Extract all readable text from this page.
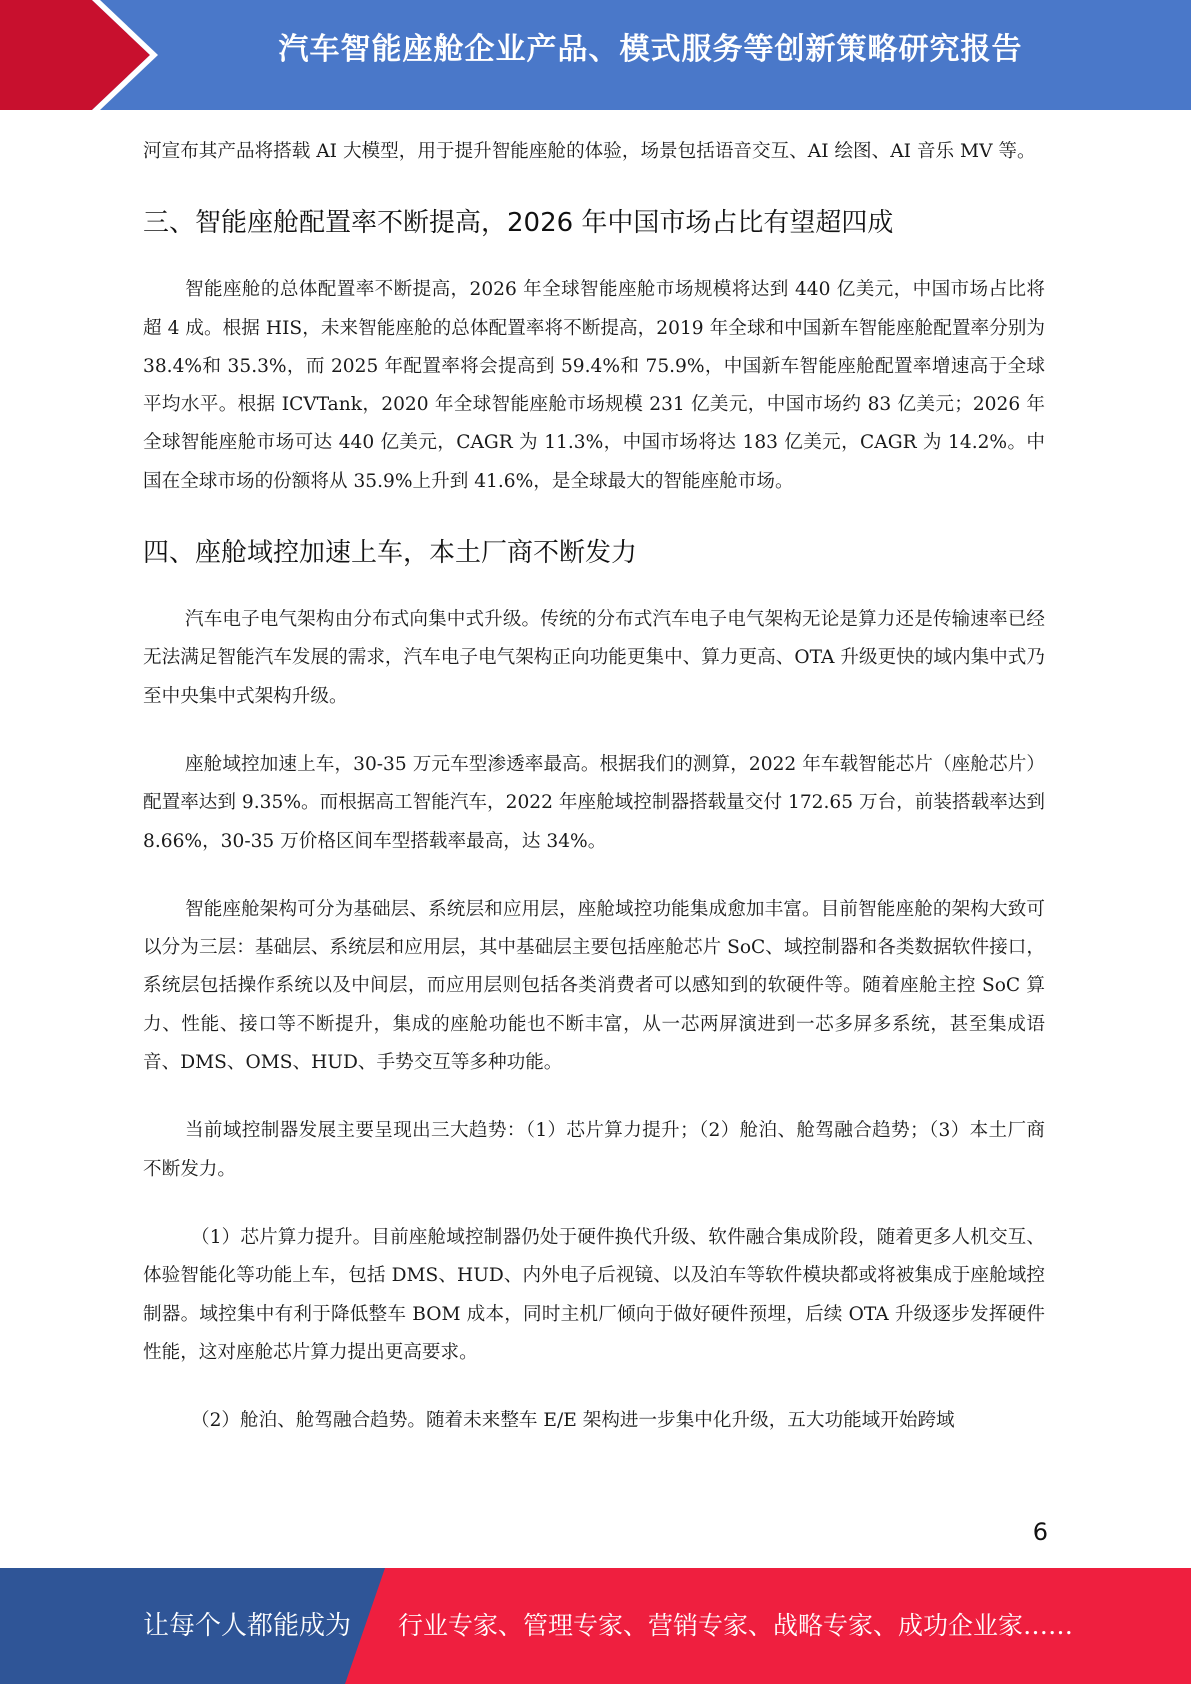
汽车智能座舱企业产品、模式服务等创新策略研究报告

河宣布其产品将搭载 AI 大模型，用于提升智能座舱的体验，场景包括语音交互、AI 绘图、AI 音乐 MV 等。

三、智能座舱配置率不断提高，2026 年中国市场占比有望超四成

智能座舱的总体配置率不断提高，2026 年全球智能座舱市场规模将达到 440 亿美元，中国市场占比将超 4 成。根据 HIS，未来智能座舱的总体配置率将不断提高，2019 年全球和中国新车智能座舱配置率分别为 38.4%和 35.3%，而 2025 年配置率将会提高到 59.4%和 75.9%，中国新车智能座舱配置率增速高于全球平均水平。根据 ICVTank，2020 年全球智能座舱市场规模 231 亿美元，中国市场约 83 亿美元；2026 年全球智能座舱市场可达 440 亿美元，CAGR 为 11.3%，中国市场将达 183 亿美元，CAGR 为 14.2%。中国在全球市场的份额将从 35.9%上升到 41.6%，是全球最大的智能座舱市场。

四、座舱域控加速上车，本土厂商不断发力

汽车电子电气架构由分布式向集中式升级。传统的分布式汽车电子电气架构无论是算力还是传输速率已经无法满足智能汽车发展的需求，汽车电子电气架构正向功能更集中、算力更高、OTA 升级更快的域内集中式乃至中央集中式架构升级。

座舱域控加速上车，30-35 万元车型渗透率最高。根据我们的测算，2022 年车载智能芯片（座舱芯片）配置率达到 9.35%。而根据高工智能汽车，2022 年座舱域控制器搭载量交付 172.65 万台，前装搭载率达到 8.66%，30-35 万价格区间车型搭载率最高，达 34%。

智能座舱架构可分为基础层、系统层和应用层，座舱域控功能集成愈加丰富。目前智能座舱的架构大致可以分为三层：基础层、系统层和应用层，其中基础层主要包括座舱芯片 SoC、域控制器和各类数据软件接口，系统层包括操作系统以及中间层，而应用层则包括各类消费者可以感知到的软硬件等。随着座舱主控 SoC 算力、性能、接口等不断提升，集成的座舱功能也不断丰富，从一芯两屏演进到一芯多屏多系统，甚至集成语音、DMS、OMS、HUD、手势交互等多种功能。

当前域控制器发展主要呈现出三大趋势：（1）芯片算力提升；（2）舱泊、舱驾融合趋势；（3）本土厂商不断发力。

（1）芯片算力提升。目前座舱域控制器仍处于硬件换代升级、软件融合集成阶段，随着更多人机交互、体验智能化等功能上车，包括 DMS、HUD、内外电子后视镜、以及泊车等软件模块都或将被集成于座舱域控制器。域控集中有利于降低整车 BOM 成本，同时主机厂倾向于做好硬件预埋，后续 OTA 升级逐步发挥硬件性能，这对座舱芯片算力提出更高要求。

（2）舱泊、舱驾融合趋势。随着未来整车 E/E 架构进一步集中化升级，五大功能域开始跨域

6
让每个人都能成为 行业专家、管理专家、营销专家、战略专家、成功企业家……
